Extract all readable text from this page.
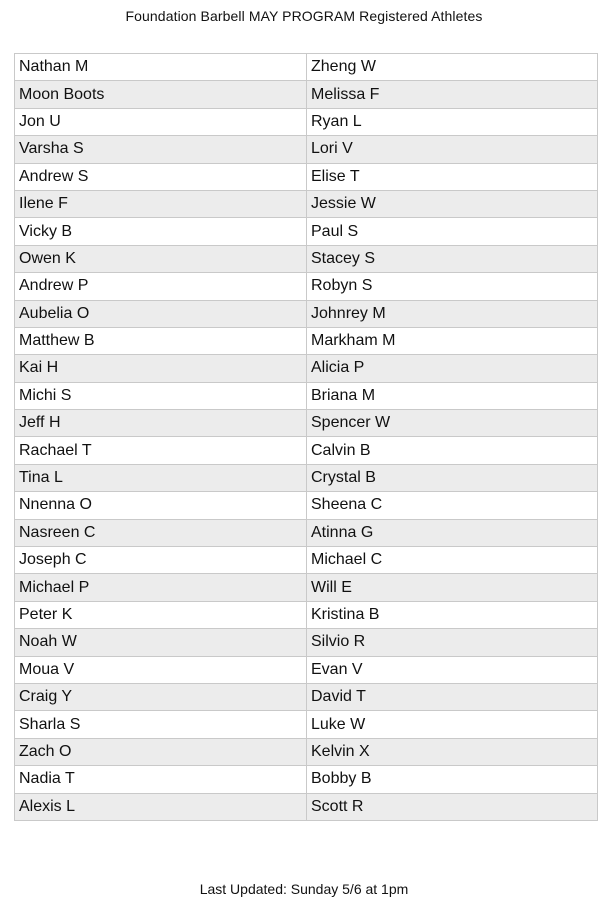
Foundation Barbell MAY PROGRAM Registered Athletes
Nathan M	Zheng W
Moon Boots	Melissa F
Jon U	Ryan L
Varsha S	Lori V
Andrew S	Elise T
Ilene F	Jessie W
Vicky B	Paul S
Owen K	Stacey S
Andrew P	Robyn S
Aubelia O	Johnrey M
Matthew B	Markham M
Kai H	Alicia P
Michi S	Briana M
Jeff H	Spencer W
Rachael T	Calvin B
Tina L	Crystal B
Nnenna O	Sheena C
Nasreen C	Atinna G
Joseph C	Michael C
Michael P	Will E
Peter K	Kristina B
Noah W	Silvio R
Moua V	Evan V
Craig Y	David T
Sharla S	Luke W
Zach O	Kelvin X
Nadia T	Bobby B
Alexis L	Scott R
Last Updated: Sunday 5/6 at 1pm
